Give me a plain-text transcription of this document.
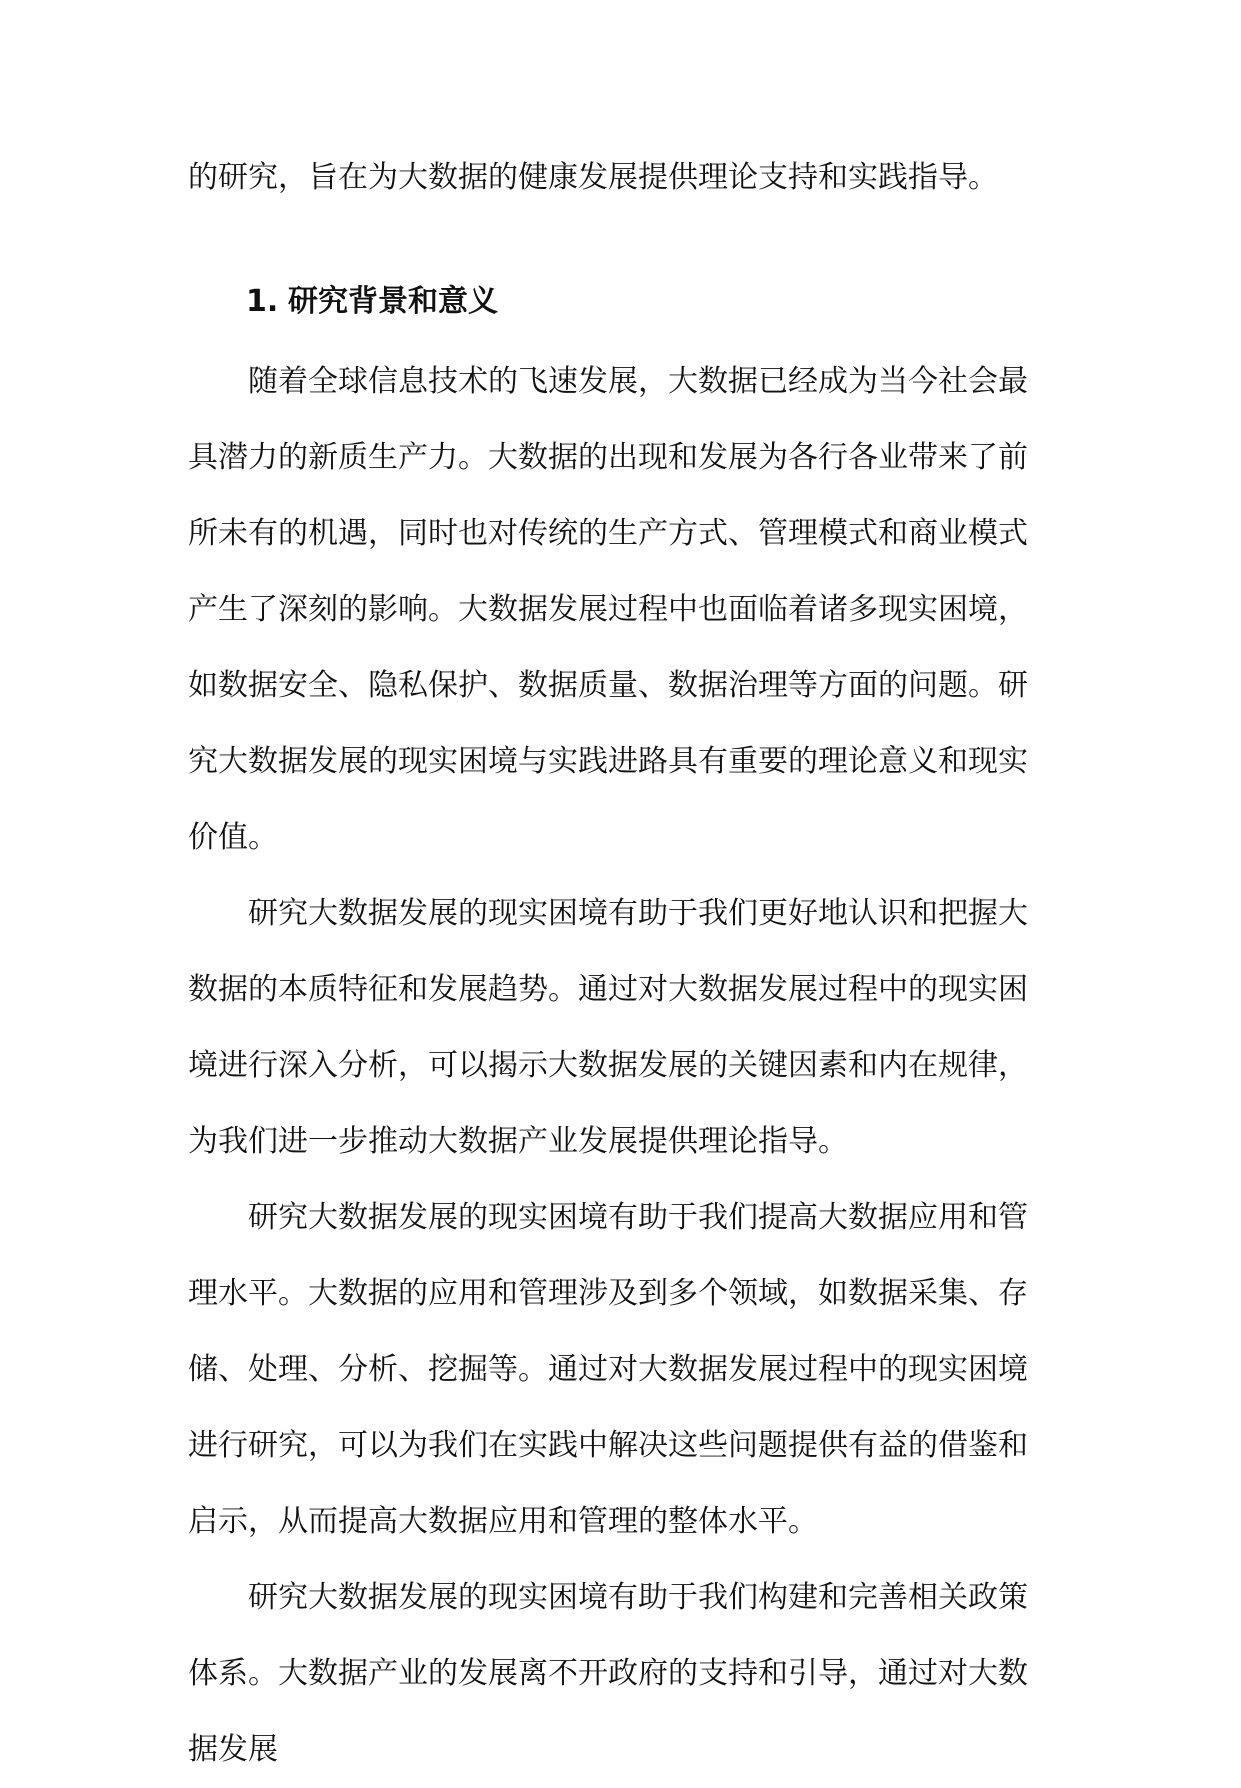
的研究，旨在为大数据的健康发展提供理论支持和实践指导。

1. 研究背景和意义

随着全球信息技术的飞速发展，大数据已经成为当今社会最具潜力的新质生产力。大数据的出现和发展为各行各业带来了前所未有的机遇，同时也对传统的生产方式、管理模式和商业模式产生了深刻的影响。大数据发展过程中也面临着诸多现实困境，如数据安全、隐私保护、数据质量、数据治理等方面的问题。研究大数据发展的现实困境与实践进路具有重要的理论意义和现实价值。

研究大数据发展的现实困境有助于我们更好地认识和把握大数据的本质特征和发展趋势。通过对大数据发展过程中的现实困境进行深入分析，可以揭示大数据发展的关键因素和内在规律，为我们进一步推动大数据产业发展提供理论指导。

研究大数据发展的现实困境有助于我们提高大数据应用和管理水平。大数据的应用和管理涉及到多个领域，如数据采集、存储、处理、分析、挖掘等。通过对大数据发展过程中的现实困境进行研究，可以为我们在实践中解决这些问题提供有益的借鉴和启示，从而提高大数据应用和管理的整体水平。

研究大数据发展的现实困境有助于我们构建和完善相关政策体系。大数据产业的发展离不开政府的支持和引导，通过对大数据发展
